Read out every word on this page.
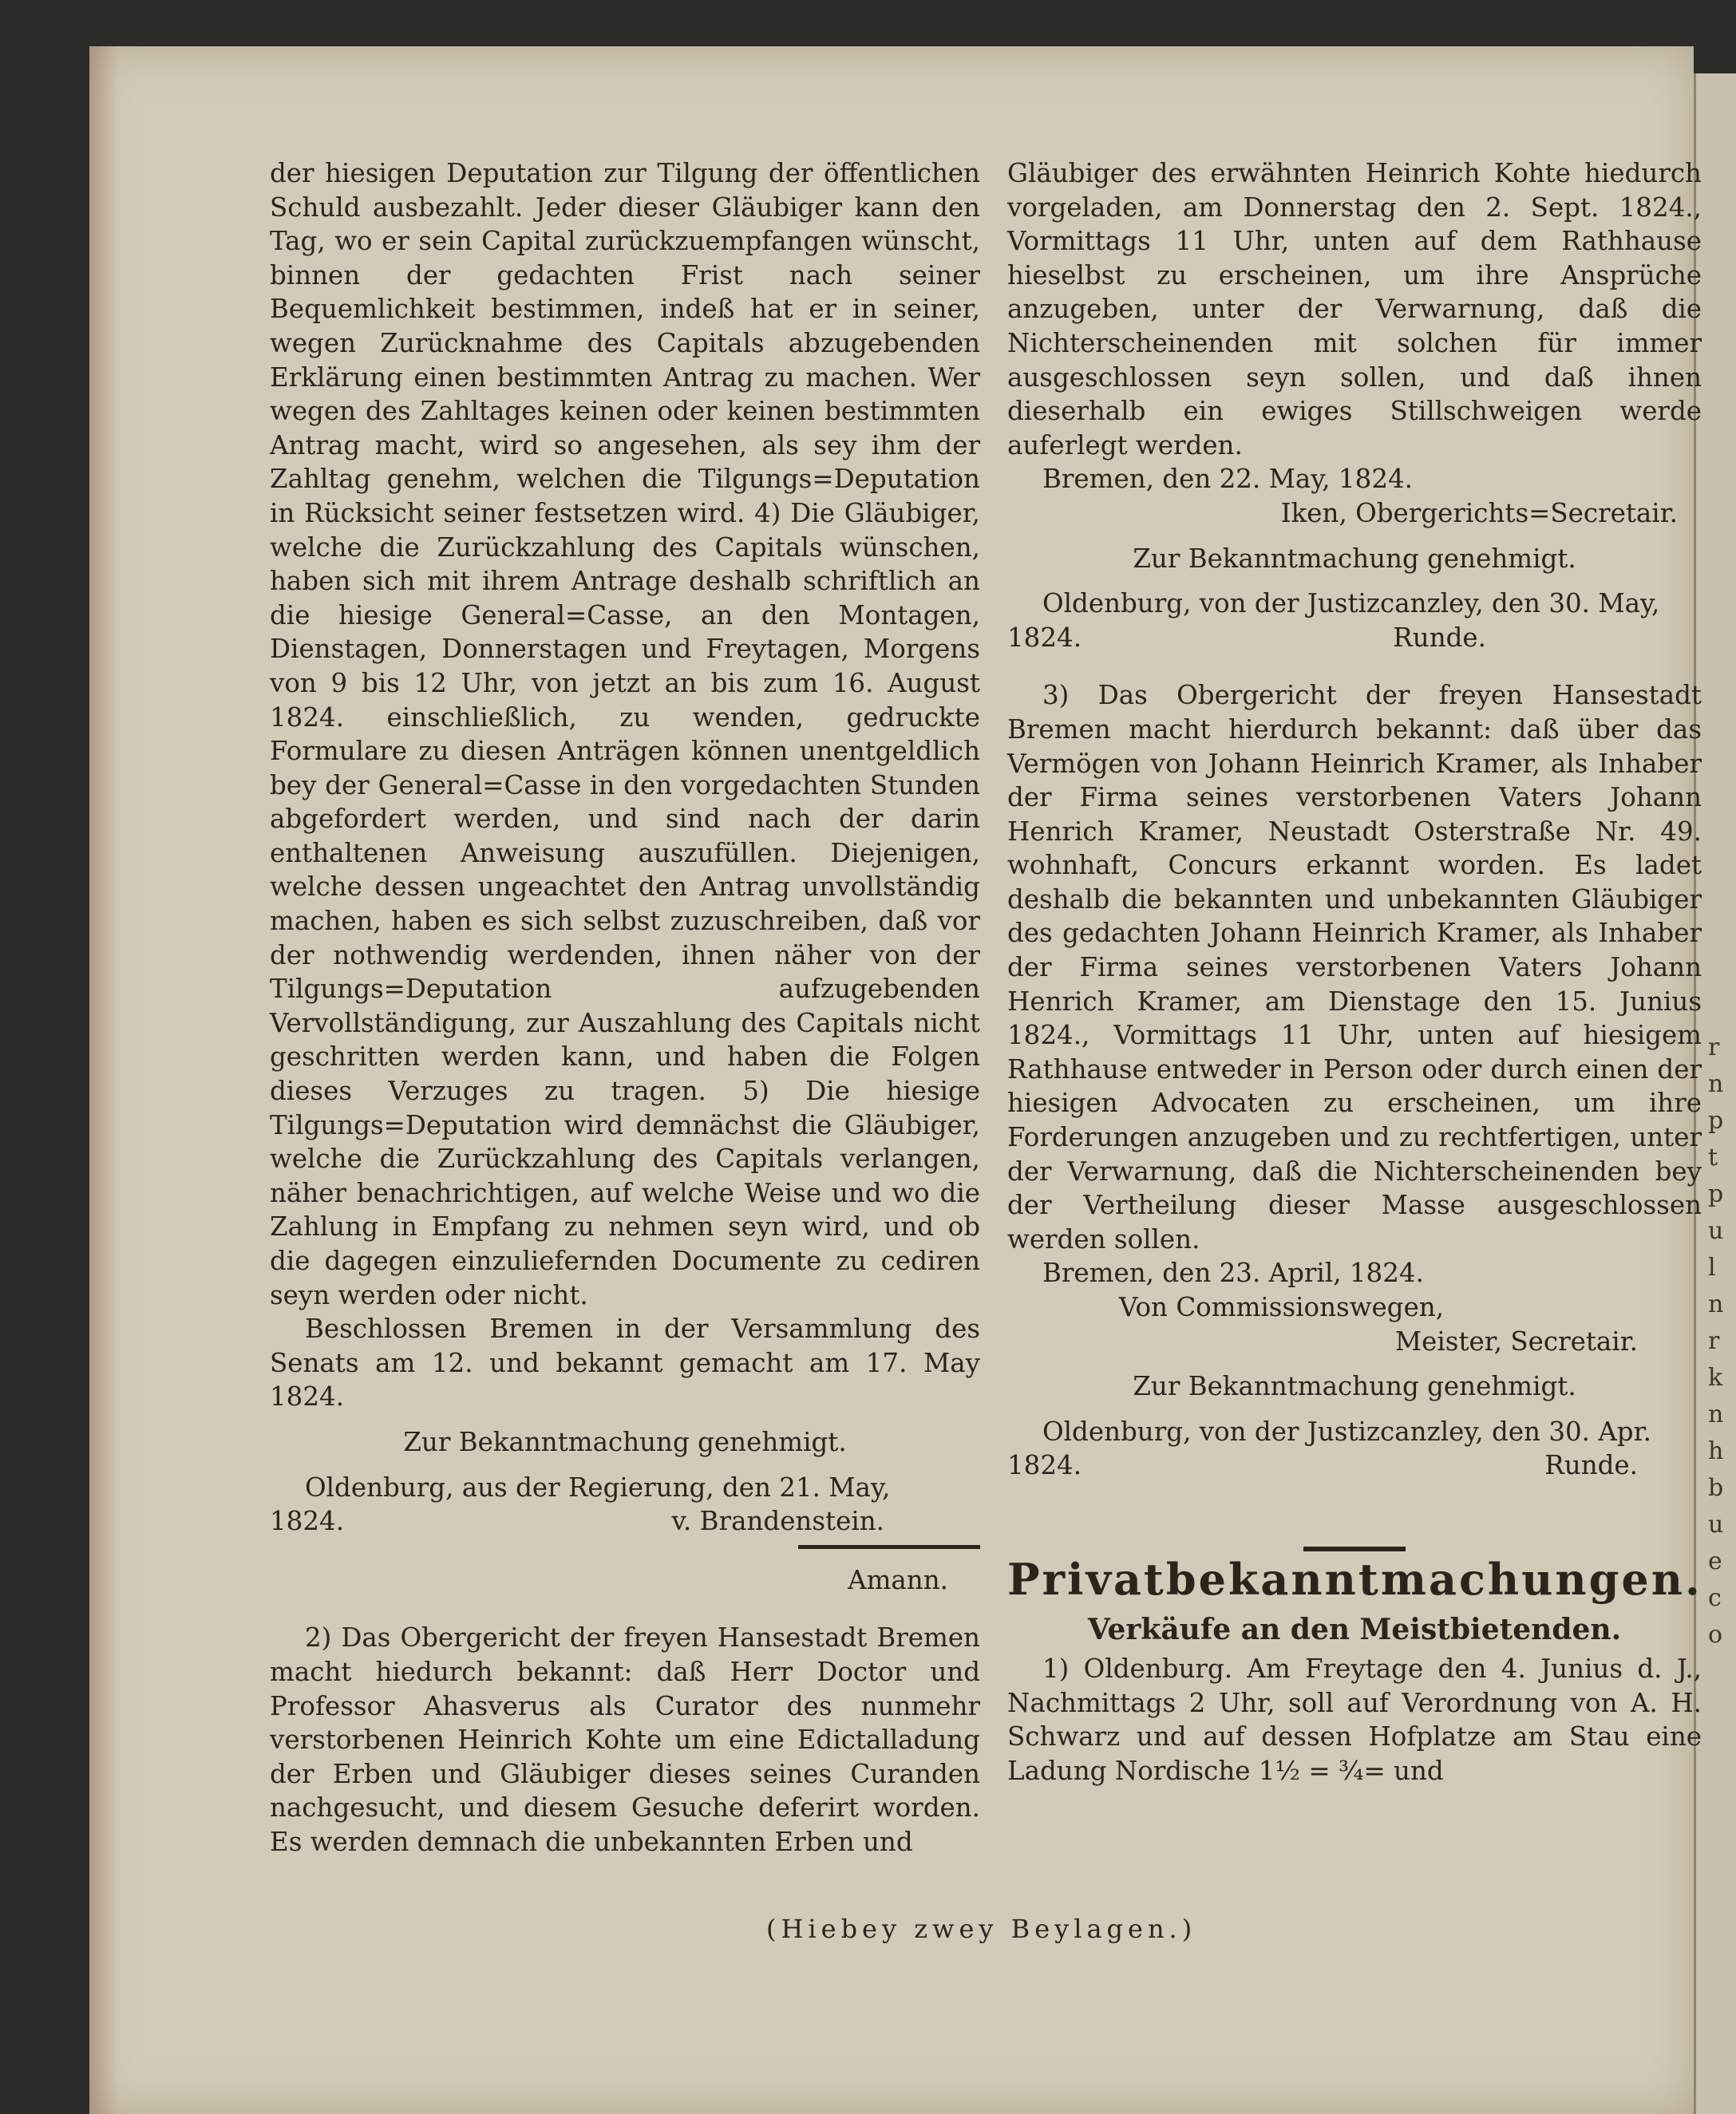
der hiesigen Deputation zur Tilgung der öffentlichen Schuld ausbezahlt. Jeder dieser Gläubiger kann den Tag, wo er sein Capital zurückzuempfangen wünscht, binnen der gedachten Frist nach seiner Bequemlichkeit bestimmen, indeß hat er in seiner, wegen Zurücknahme des Capitals abzugebenden Erklärung einen bestimmten Antrag zu machen. Wer wegen des Zahltages keinen oder keinen bestimmten Antrag macht, wird so angesehen, als sey ihm der Zahltag genehm, welchen die Tilgungs=Deputation in Rücksicht seiner festsetzen wird. 4) Die Gläubiger, welche die Zurückzahlung des Capitals wünschen, haben sich mit ihrem Antrage deshalb schriftlich an die hiesige General=Casse, an den Montagen, Dienstagen, Donnerstagen und Freytagen, Morgens von 9 bis 12 Uhr, von jetzt an bis zum 16. August 1824. einschließlich, zu wenden, gedruckte Formulare zu diesen Anträgen können unentgeldlich bey der General=Casse in den vorgedachten Stunden abgefordert werden, und sind nach der darin enthaltenen Anweisung auszufüllen. Diejenigen, welche dessen ungeachtet den Antrag unvollständig machen, haben es sich selbst zuzuschreiben, daß vor der nothwendig werdenden, ihnen näher von der Tilgungs=Deputation aufzugebenden Vervollständigung, zur Auszahlung des Capitals nicht geschritten werden kann, und haben die Folgen dieses Verzuges zu tragen. 5) Die hiesige Tilgungs=Deputation wird demnächst die Gläubiger, welche die Zurückzahlung des Capitals verlangen, näher benachrichtigen, auf welche Weise und wo die Zahlung in Empfang zu nehmen seyn wird, und ob die dagegen einzuliefernden Documente zu cediren seyn werden oder nicht.

Beschlossen Bremen in der Versammlung des Senats am 12. und bekannt gemacht am 17. May 1824.

Zur Bekanntmachung genehmigt.

Oldenburg, aus der Regierung, den 21. May,

1824.	v. Brandenstein.

Amann.

2) Das Obergericht der freyen Hansestadt Bremen macht hiedurch bekannt: daß Herr Doctor und Professor Ahasverus als Curator des nunmehr verstorbenen Heinrich Kohte um eine Edictalladung der Erben und Gläubiger dieses seines Curanden nachgesucht, und diesem Gesuche deferirt worden. Es werden demnach die unbekannten Erben und

Gläubiger des erwähnten Heinrich Kohte hiedurch vorgeladen, am Donnerstag den 2. Sept. 1824., Vormittags 11 Uhr, unten auf dem Rathhause hieselbst zu erscheinen, um ihre Ansprüche anzugeben, unter der Verwarnung, daß die Nichterscheinenden mit solchen für immer ausgeschlossen seyn sollen, und daß ihnen dieserhalb ein ewiges Stillschweigen werde auferlegt werden.

Bremen, den 22. May, 1824.

Iken, Obergerichts=Secretair.

Zur Bekanntmachung genehmigt.

Oldenburg, von der Justizcanzley, den 30. May,

1824.	Runde.

3) Das Obergericht der freyen Hansestadt Bremen macht hierdurch bekannt: daß über das Vermögen von Johann Heinrich Kramer, als Inhaber der Firma seines verstorbenen Vaters Johann Henrich Kramer, Neustadt Osterstraße Nr. 49. wohnhaft, Concurs erkannt worden. Es ladet deshalb die bekannten und unbekannten Gläubiger des gedachten Johann Heinrich Kramer, als Inhaber der Firma seines verstorbenen Vaters Johann Henrich Kramer, am Dienstage den 15. Junius 1824., Vormittags 11 Uhr, unten auf hiesigem Rathhause entweder in Person oder durch einen der hiesigen Advocaten zu erscheinen, um ihre Forderungen anzugeben und zu rechtfertigen, unter der Verwarnung, daß die Nichterscheinenden bey der Vertheilung dieser Masse ausgeschlossen werden sollen.

Bremen, den 23. April, 1824.

Von Commissionswegen,

Meister, Secretair.

Zur Bekanntmachung genehmigt.

Oldenburg, von der Justizcanzley, den 30. Apr.

1824.	Runde.

Privatbekanntmachungen.

Verkäufe an den Meistbietenden.

1) Oldenburg. Am Freytage den 4. Junius d. J., Nachmittags 2 Uhr, soll auf Verordnung von A. H. Schwarz und auf dessen Hofplatze am Stau eine Ladung Nordische 1½ = ¾= und

(Hiebey zwey Beylagen.)
r
n
p
t
p
u
l
n
r
k
n
h
b
u
e
c
o
